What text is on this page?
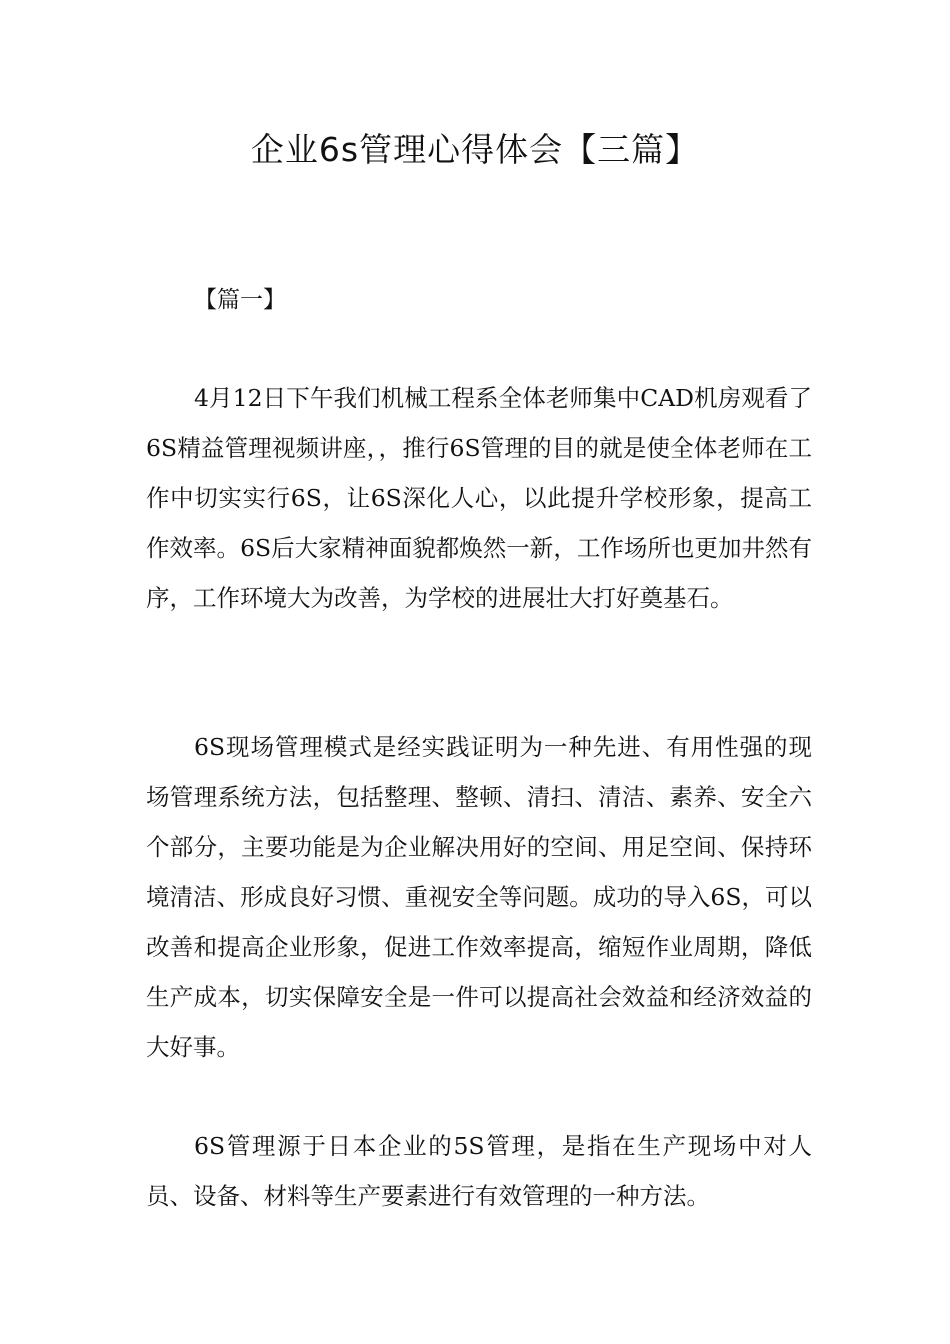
企业6s管理心得体会【三篇】

【篇一】

4月12日下午我们机械工程系全体老师集中CAD机房观看了6S精益管理视频讲座，，推行6S管理的目的就是使全体老师在工作中切实实行6S，让6S深化人心，以此提升学校形象，提高工作效率。6S后大家精神面貌都焕然一新，工作场所也更加井然有序，工作环境大为改善，为学校的进展壮大打好奠基石。

6S现场管理模式是经实践证明为一种先进、有用性强的现场管理系统方法，包括整理、整顿、清扫、清洁、素养、安全六个部分，主要功能是为企业解决用好的空间、用足空间、保持环境清洁、形成良好习惯、重视安全等问题。成功的导入6S，可以改善和提高企业形象，促进工作效率提高，缩短作业周期，降低生产成本，切实保障安全是一件可以提高社会效益和经济效益的大好事。

6S管理源于日本企业的5S管理，是指在生产现场中对人员、设备、材料等生产要素进行有效管理的一种方法。
